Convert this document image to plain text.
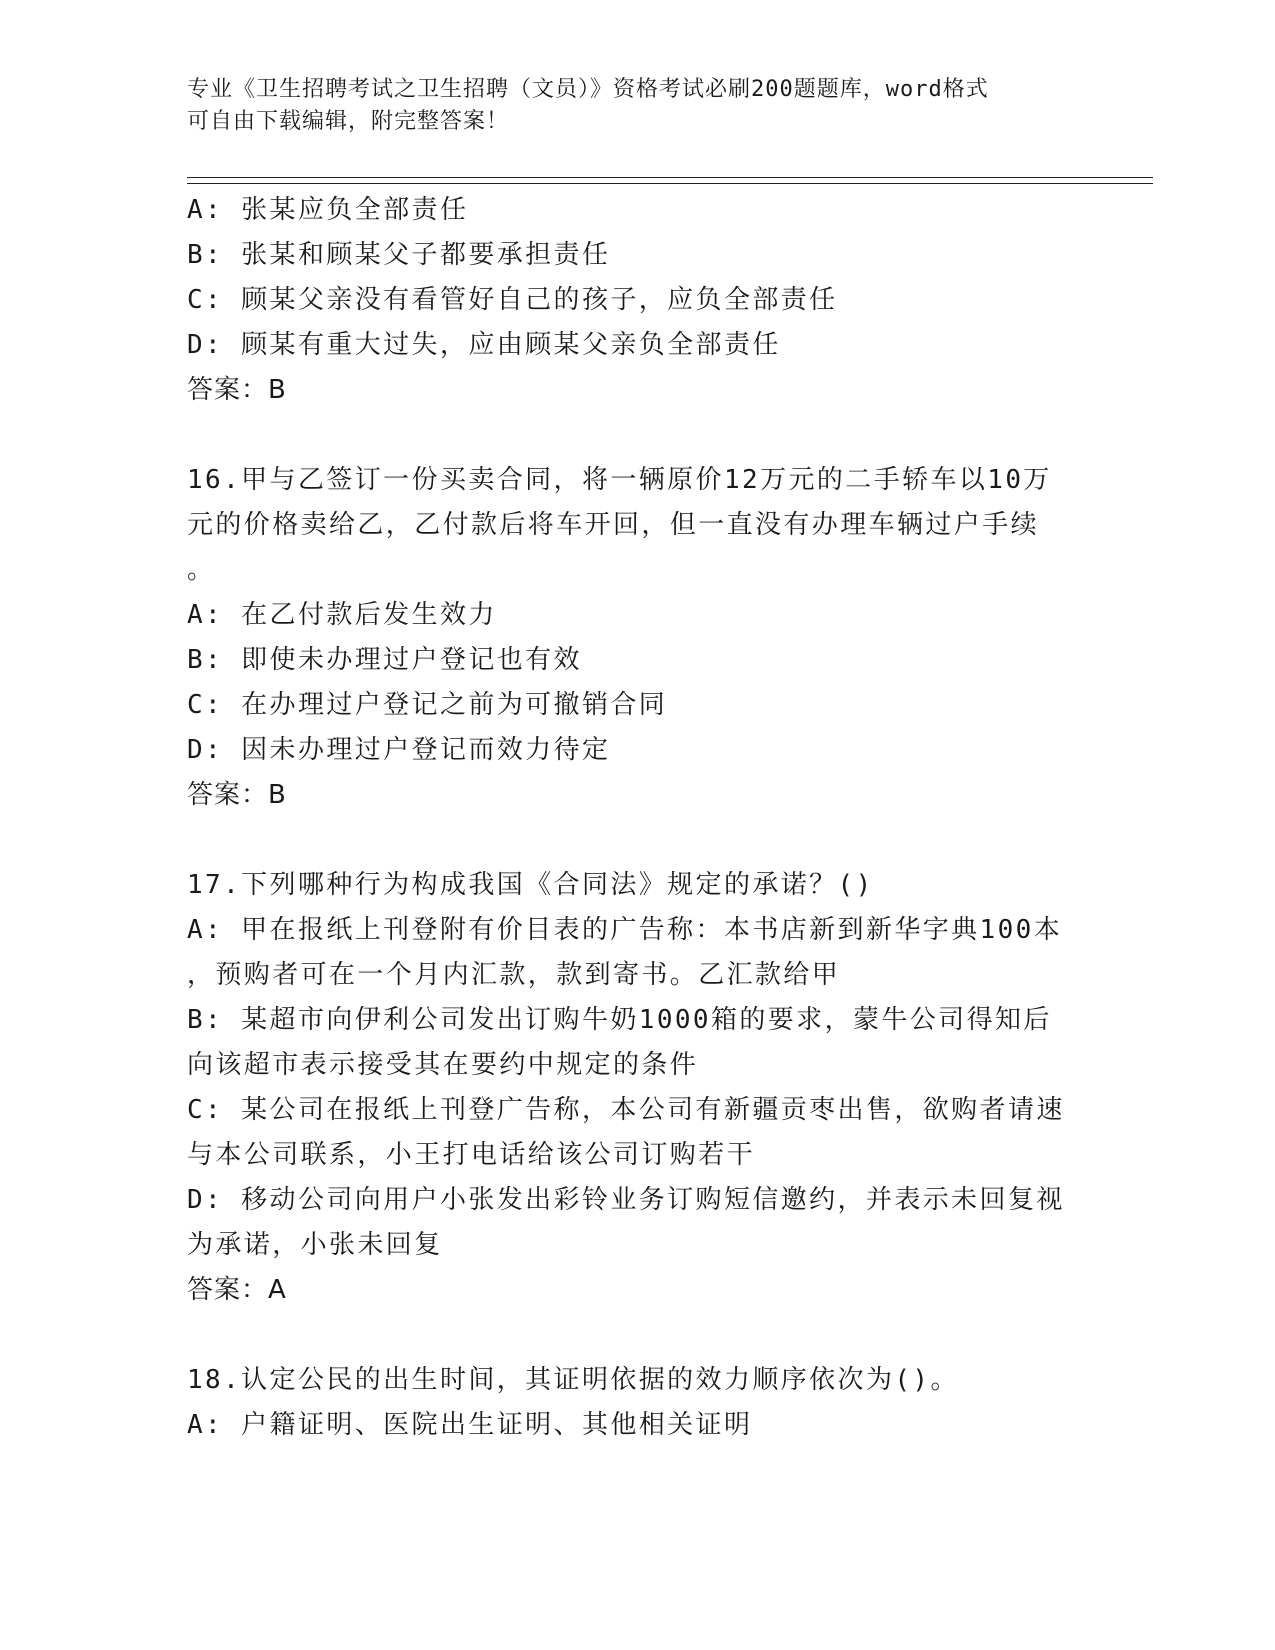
专业《卫生招聘考试之卫生招聘（文员）》资格考试必刷200题题库，word格式
可自由下载编辑，附完整答案！
A: 张某应负全部责任
B: 张某和顾某父子都要承担责任
C: 顾某父亲没有看管好自己的孩子，应负全部责任
D: 顾某有重大过失，应由顾某父亲负全部责任
答案：B
16.甲与乙签订一份买卖合同，将一辆原价12万元的二手轿车以10万
元的价格卖给乙，乙付款后将车开回，但一直没有办理车辆过户手续
。
A: 在乙付款后发生效力
B: 即使未办理过户登记也有效
C: 在办理过户登记之前为可撤销合同
D: 因未办理过户登记而效力待定
答案：B
17.下列哪种行为构成我国《合同法》规定的承诺？()
A: 甲在报纸上刊登附有价目表的广告称：本书店新到新华字典100本
，预购者可在一个月内汇款，款到寄书。乙汇款给甲
B: 某超市向伊利公司发出订购牛奶1000箱的要求，蒙牛公司得知后
向该超市表示接受其在要约中规定的条件
C: 某公司在报纸上刊登广告称，本公司有新疆贡枣出售，欲购者请速
与本公司联系，小王打电话给该公司订购若干
D: 移动公司向用户小张发出彩铃业务订购短信邀约，并表示未回复视
为承诺，小张未回复
答案：A
18.认定公民的出生时间，其证明依据的效力顺序依次为()。
A: 户籍证明、医院出生证明、其他相关证明
